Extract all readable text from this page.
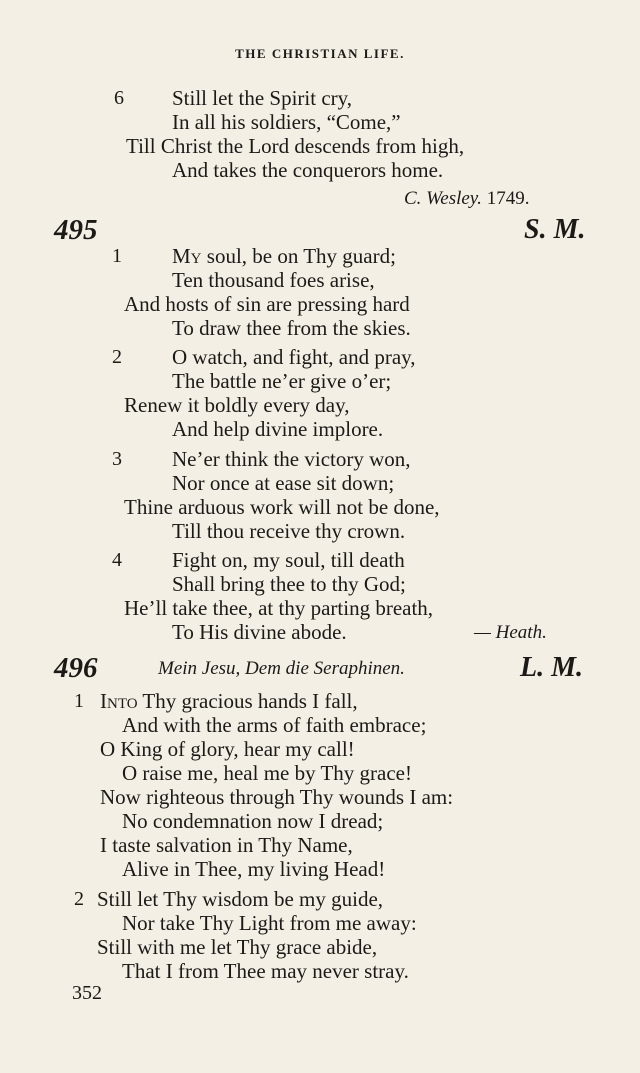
THE CHRISTIAN LIFE.
6 Still let the Spirit cry,
In all his soldiers, “Come,”
Till Christ the Lord descends from high,
And takes the conquerors home.
C. Wesley. 1749.
495	S. M.
1 My soul, be on Thy guard;
Ten thousand foes arise,
And hosts of sin are pressing hard
To draw thee from the skies.
2 O watch, and fight, and pray,
The battle ne’er give o’er;
Renew it boldly every day,
And help divine implore.
3 Ne’er think the victory won,
Nor once at ease sit down;
Thine arduous work will not be done,
Till thou receive thy crown.
4 Fight on, my soul, till death
Shall bring thee to thy God;
He’ll take thee, at thy parting breath,
To His divine abode.	— Heath.
496	Mein Jesu, Dem die Seraphinen.	L. M.
1 Into Thy gracious hands I fall,
And with the arms of faith embrace;
O King of glory, hear my call!
O raise me, heal me by Thy grace!
Now righteous through Thy wounds I am:
No condemnation now I dread;
I taste salvation in Thy Name,
Alive in Thee, my living Head!
2 Still let Thy wisdom be my guide,
Nor take Thy Light from me away:
Still with me let Thy grace abide,
That I from Thee may never stray.
352
